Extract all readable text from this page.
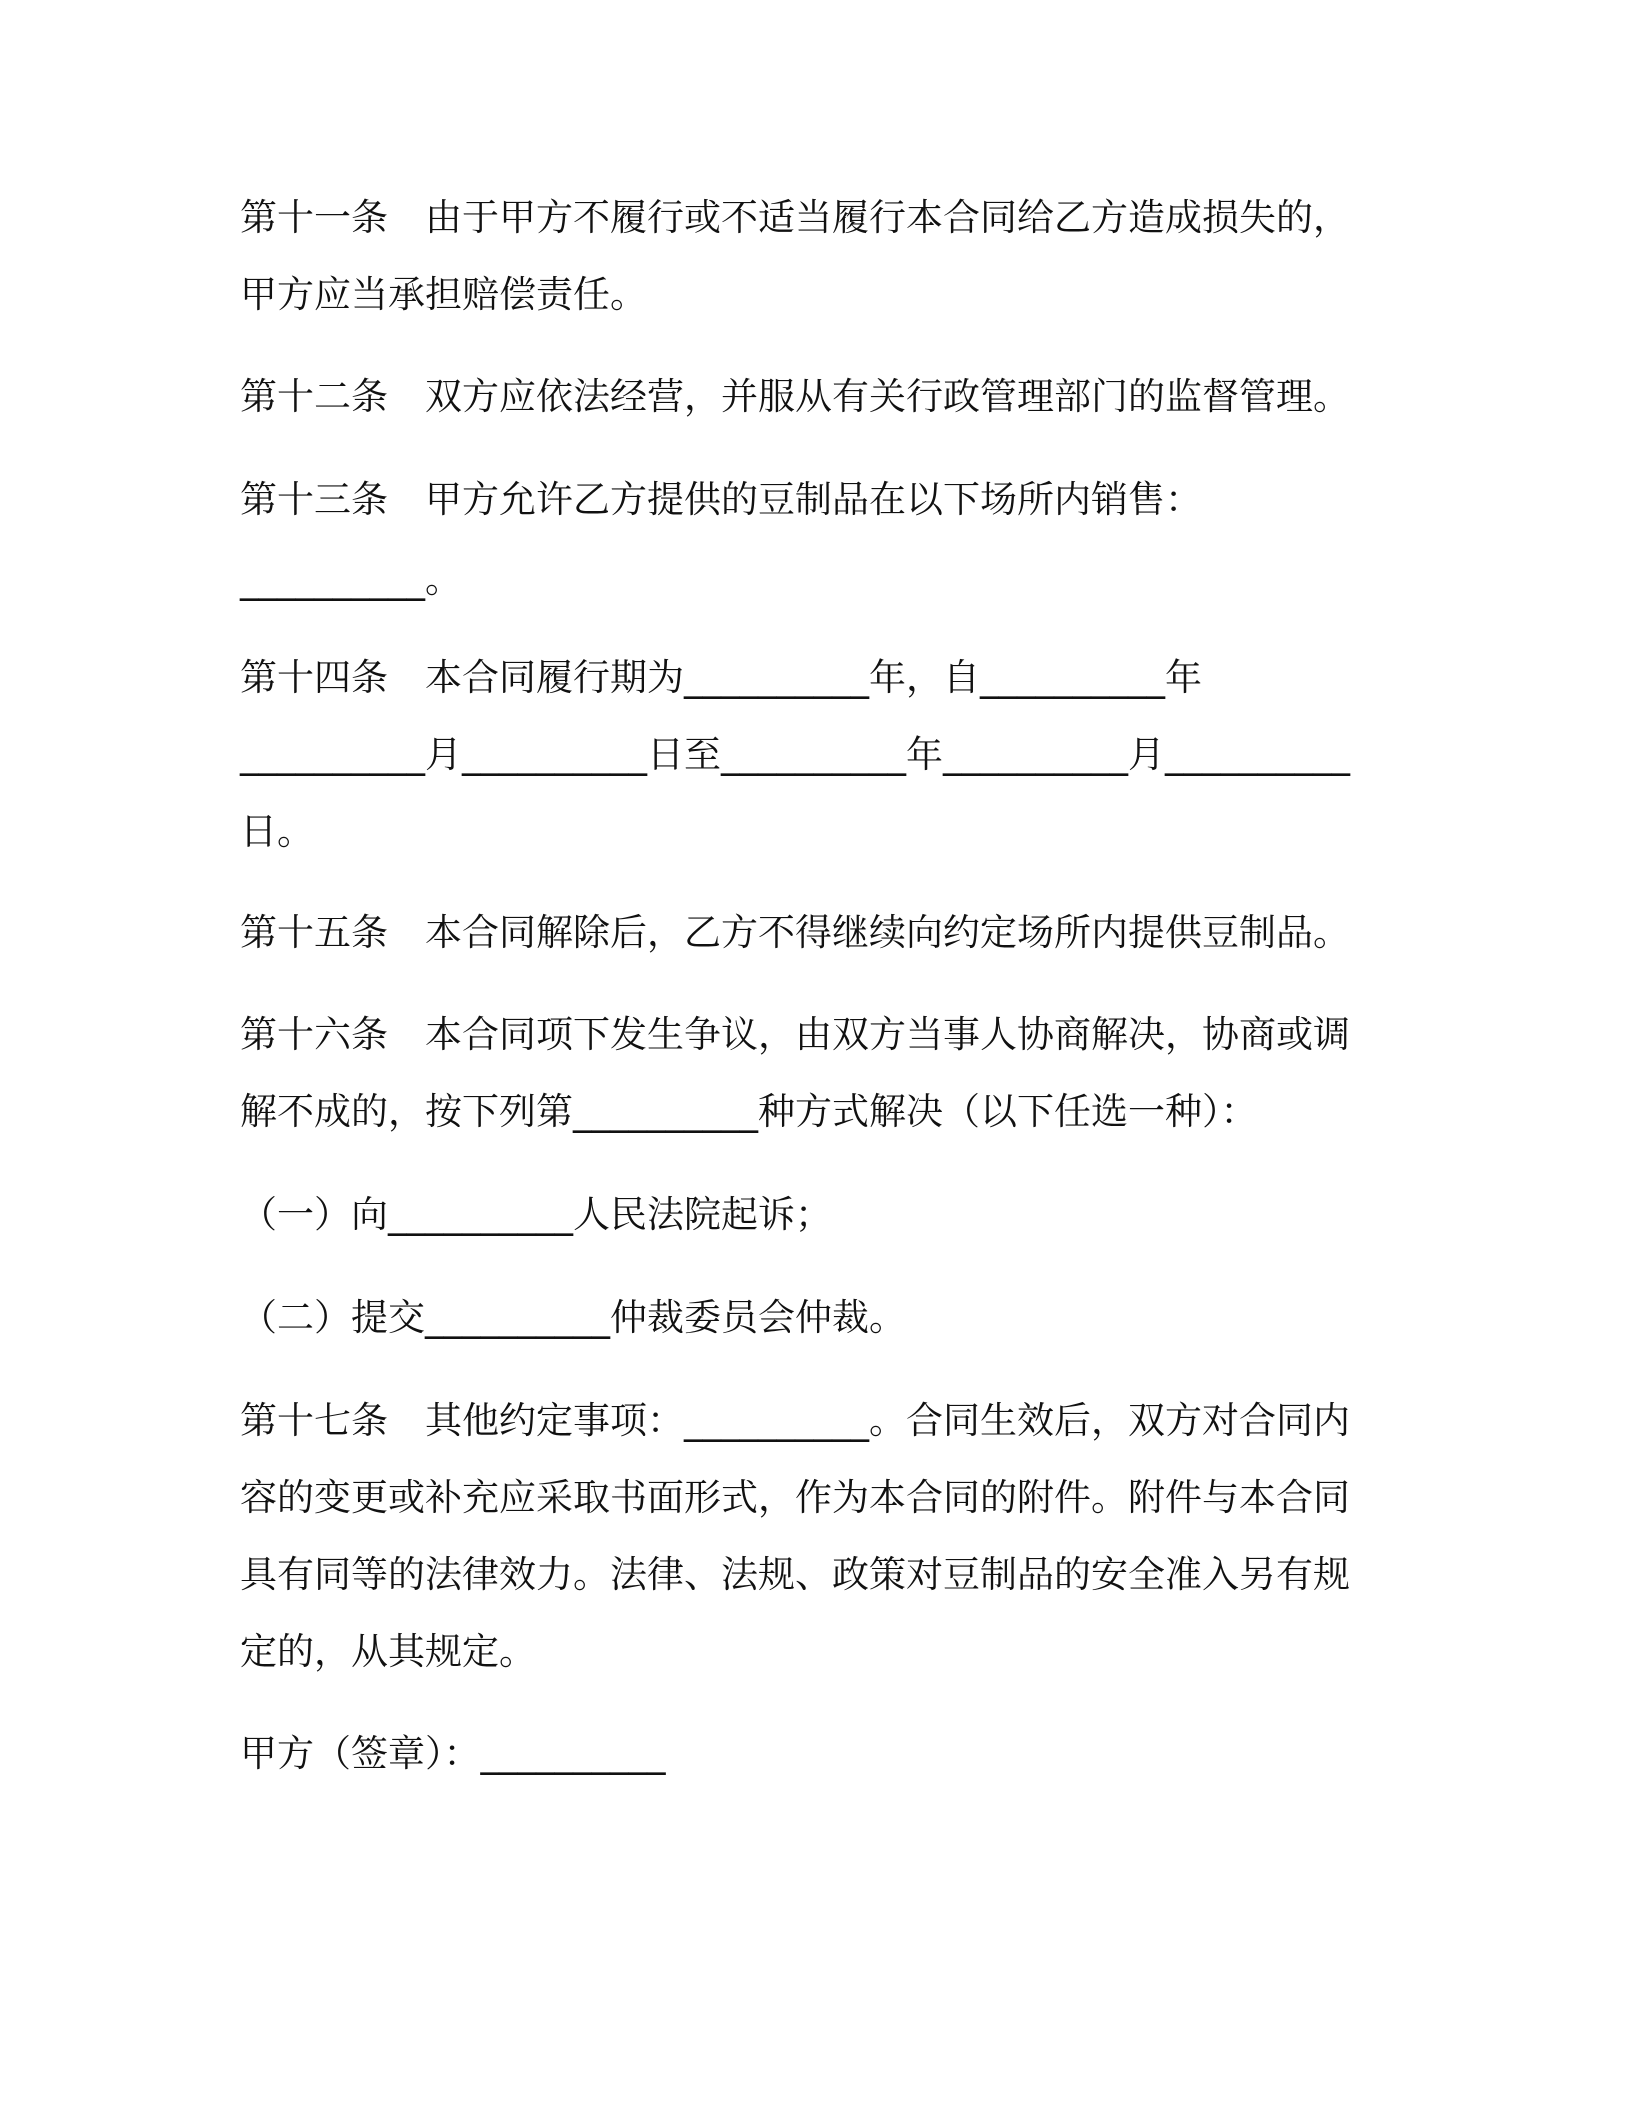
第十一条　由于甲方不履行或不适当履行本合同给乙方造成损失的，
甲方应当承担赔偿责任。
第十二条　双方应依法经营，并服从有关行政管理部门的监督管理。
第十三条　甲方允许乙方提供的豆制品在以下场所内销售：
__________。
第十四条　本合同履行期为__________年，自__________年
__________月__________日至__________年__________月__________
日。
第十五条　本合同解除后，乙方不得继续向约定场所内提供豆制品。
第十六条　本合同项下发生争议，由双方当事人协商解决，协商或调
解不成的，按下列第__________种方式解决（以下任选一种）：
（一）向__________人民法院起诉；
（二）提交__________仲裁委员会仲裁。
第十七条　其他约定事项：__________。合同生效后，双方对合同内
容的变更或补充应采取书面形式，作为本合同的附件。附件与本合同
具有同等的法律效力。法律、法规、政策对豆制品的安全准入另有规
定的，从其规定。
甲方（签章）：__________
